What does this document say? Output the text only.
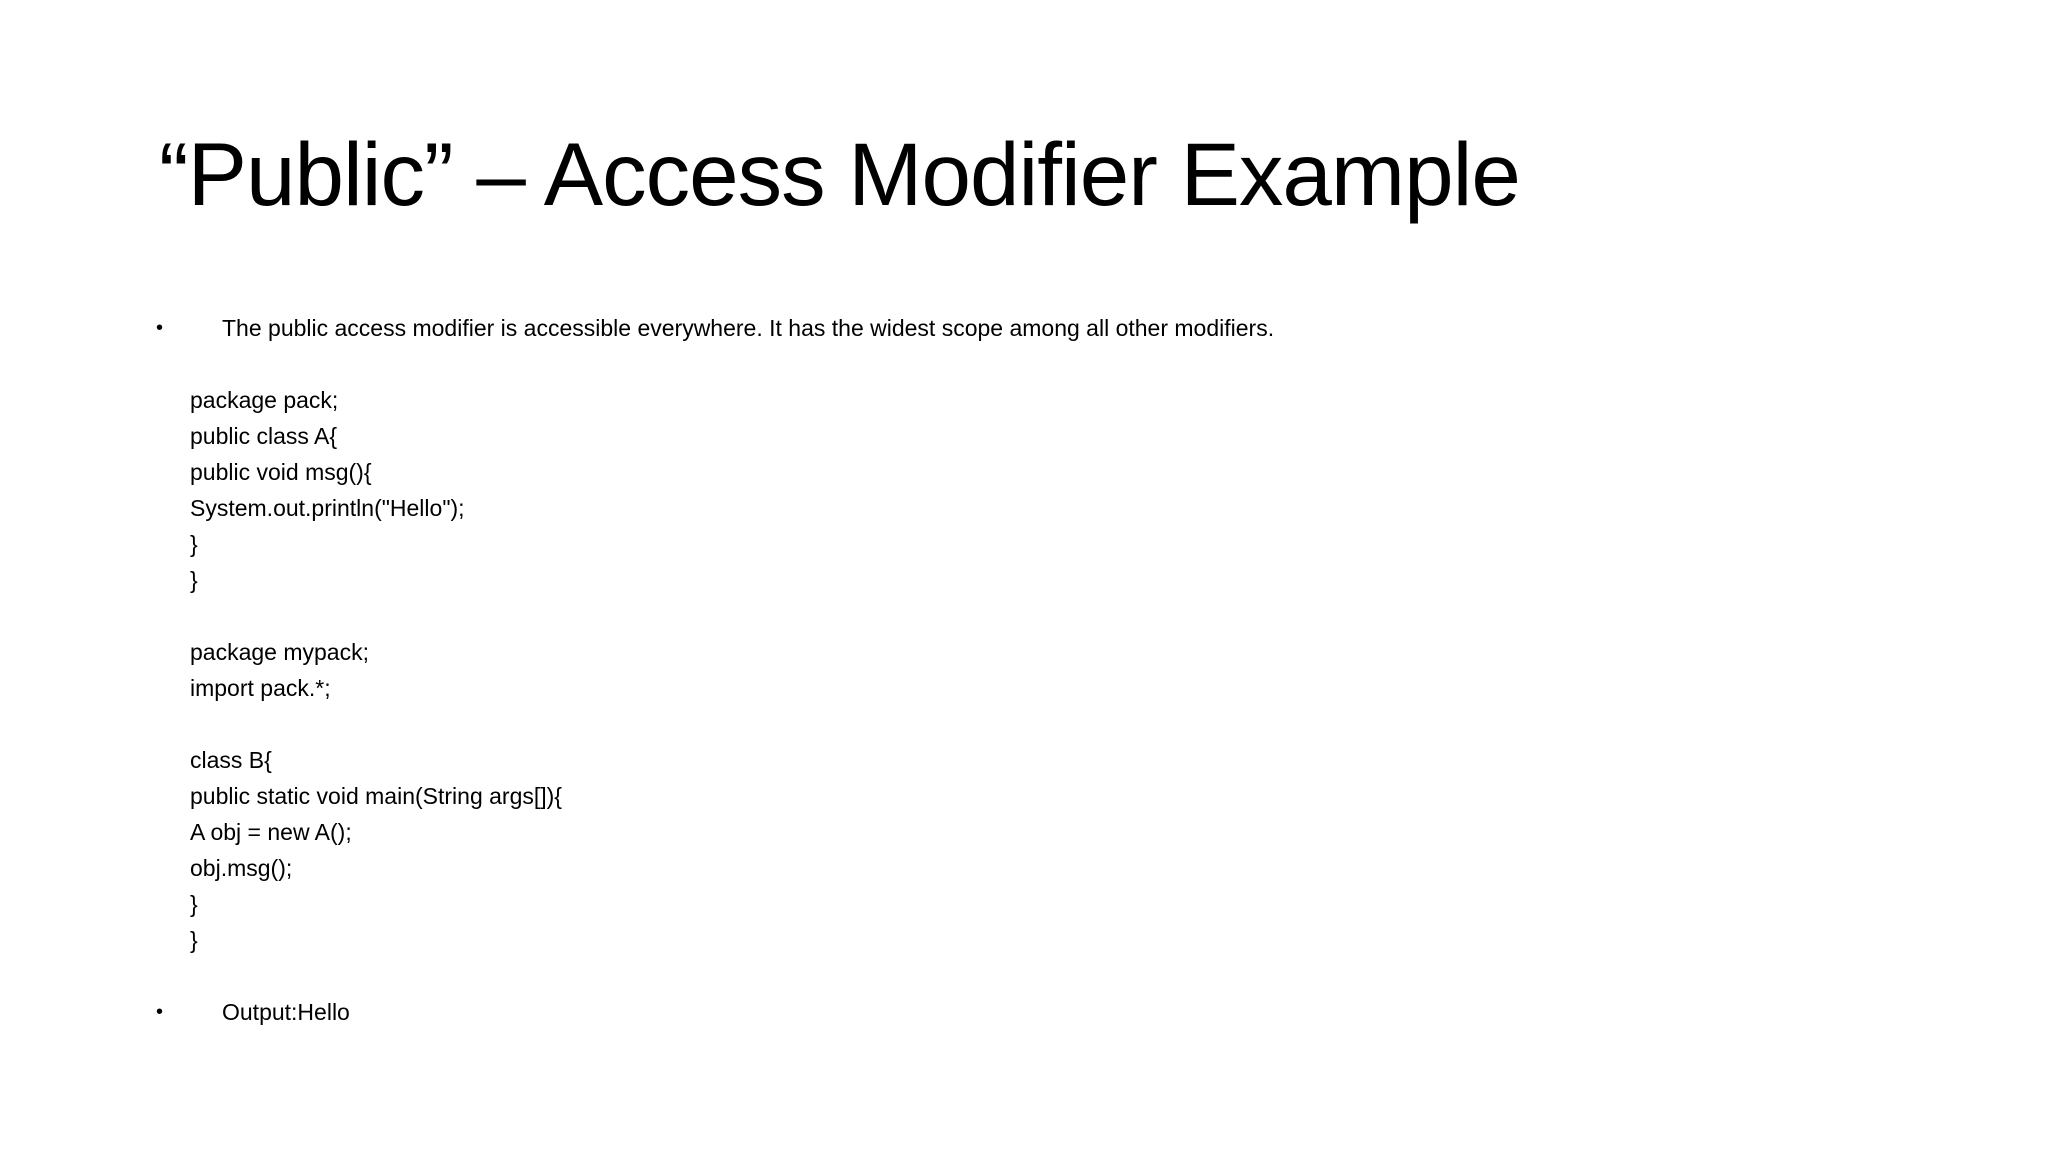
“Public” – Access Modifier Example
•	The public access modifier is accessible everywhere. It has the widest scope among all other modifiers.
package pack;
public class A{
public void msg(){
System.out.println("Hello");
}
}
package mypack;
import pack.*;
class B{
public static void main(String args[]){
A obj = new A();
obj.msg();
}
}
•	Output:Hello
